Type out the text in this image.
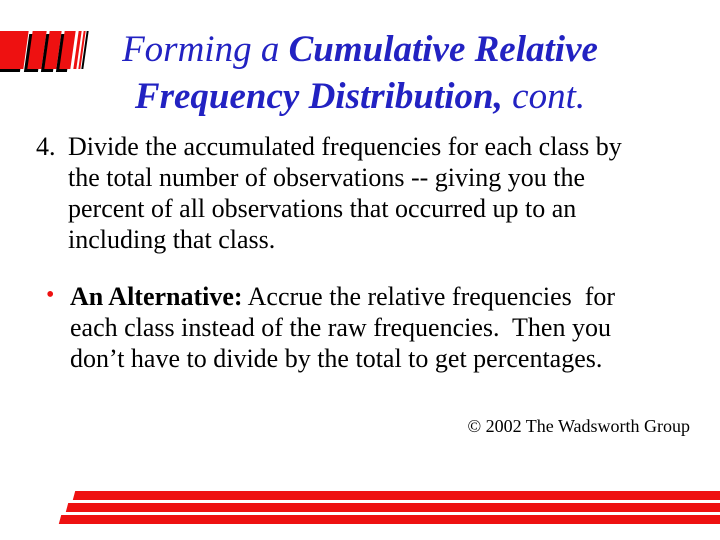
Forming a Cumulative Relative
Frequency Distribution, cont.
4. Divide the accumulated frequencies for each class by
the total number of observations -- giving you the
percent of all observations that occurred up to an
including that class.
• An Alternative: Accrue the relative frequencies  for
each class instead of the raw frequencies.  Then you
don’t have to divide by the total to get percentages.
© 2002 The Wadsworth Group
